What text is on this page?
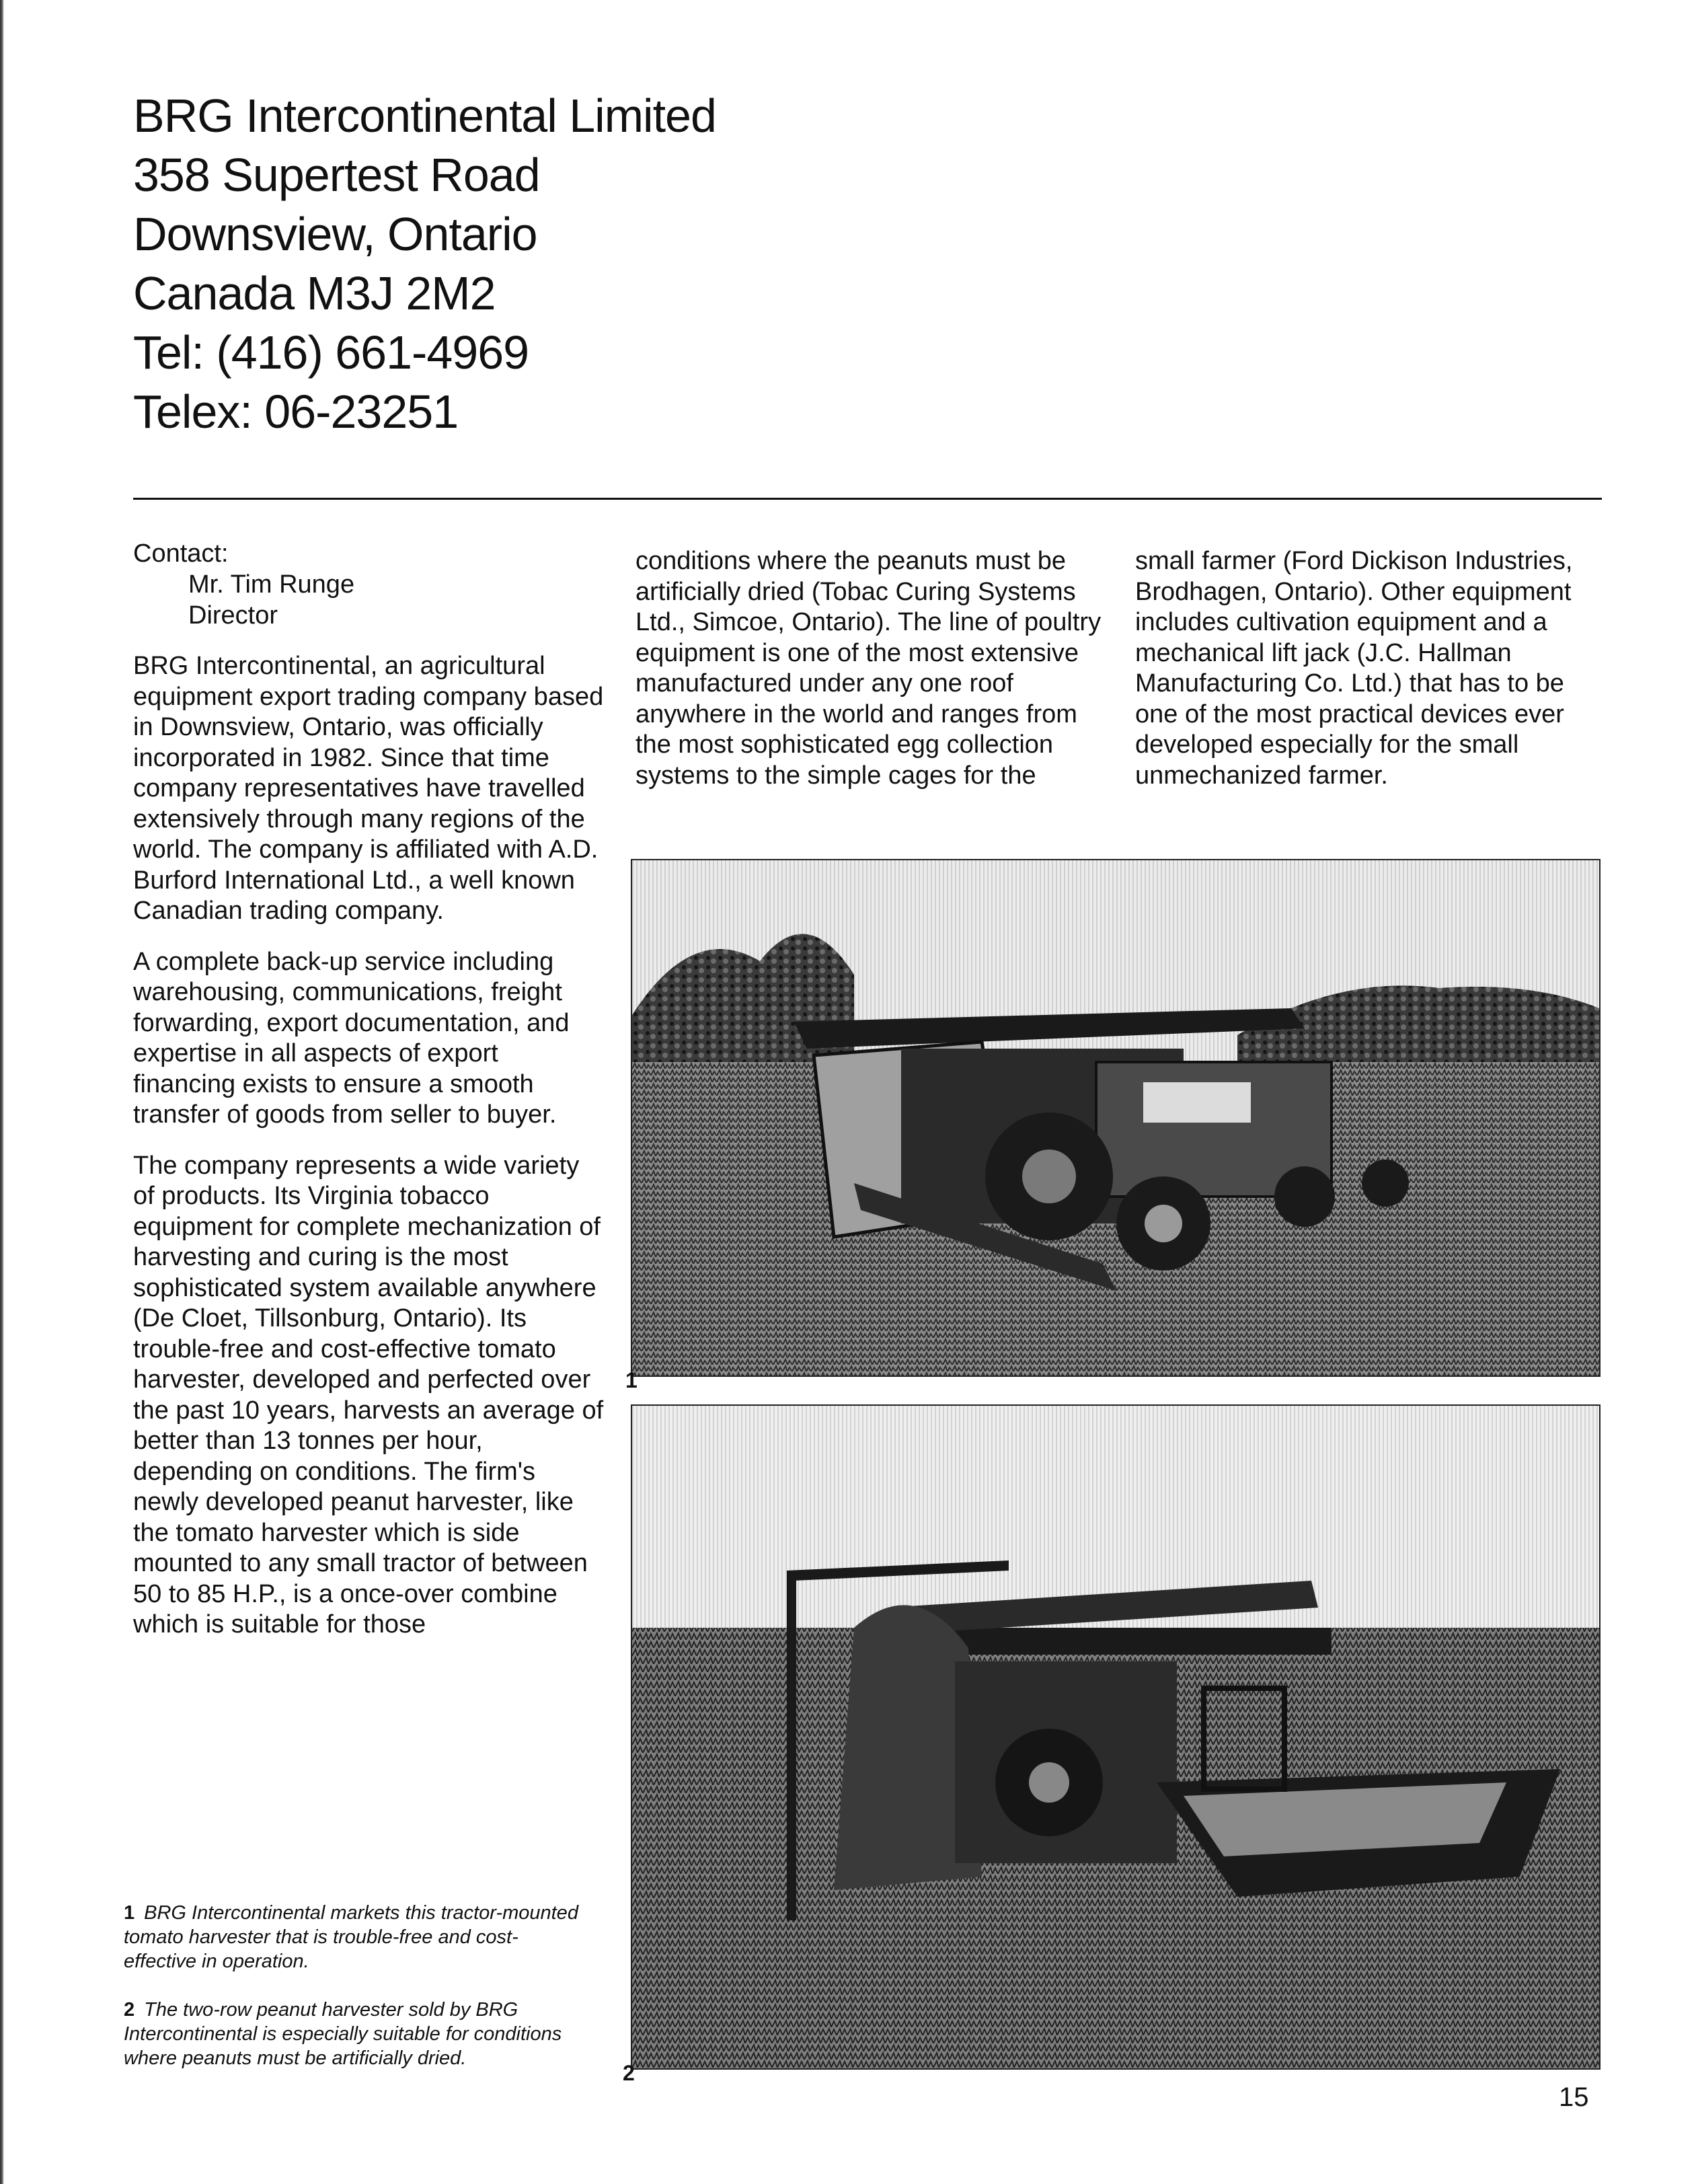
BRG Intercontinental Limited
358 Supertest Road
Downsview, Ontario
Canada M3J 2M2
Tel: (416) 661-4969
Telex: 06-23251
Contact:
Mr. Tim Runge
Director

BRG Intercontinental, an agricultural equipment export trading company based in Downsview, Ontario, was officially incorporated in 1982. Since that time company representatives have travelled extensively through many regions of the world. The company is affiliated with A.D. Burford International Ltd., a well known Canadian trading company.

A complete back-up service including warehousing, communications, freight forwarding, export documentation, and expertise in all aspects of export financing exists to ensure a smooth transfer of goods from seller to buyer.

The company represents a wide variety of products. Its Virginia tobacco equipment for complete mechanization of harvesting and curing is the most sophisticated system available anywhere (De Cloet, Tillsonburg, Ontario). Its trouble-free and cost-effective tomato harvester, developed and perfected over the past 10 years, harvests an average of better than 13 tonnes per hour, depending on conditions. The firm's newly developed peanut harvester, like the tomato harvester which is side mounted to any small tractor of between 50 to 85 H.P., is a once-over combine which is suitable for those

conditions where the peanuts must be artificially dried (Tobac Curing Systems Ltd., Simcoe, Ontario). The line of poultry equipment is one of the most extensive manufactured under any one roof anywhere in the world and ranges from the most sophisticated egg collection systems to the simple cages for the

small farmer (Ford Dickison Industries, Brodhagen, Ontario). Other equipment includes cultivation equipment and a mechanical lift jack (J.C. Hallman Manufacturing Co. Ltd.) that has to be one of the most practical devices ever developed especially for the small unmechanized farmer.

1
2
1 BRG Intercontinental markets this tractor-mounted tomato harvester that is trouble-free and cost-effective in operation.
2 The two-row peanut harvester sold by BRG Intercontinental is especially suitable for conditions where peanuts must be artificially dried.
15
